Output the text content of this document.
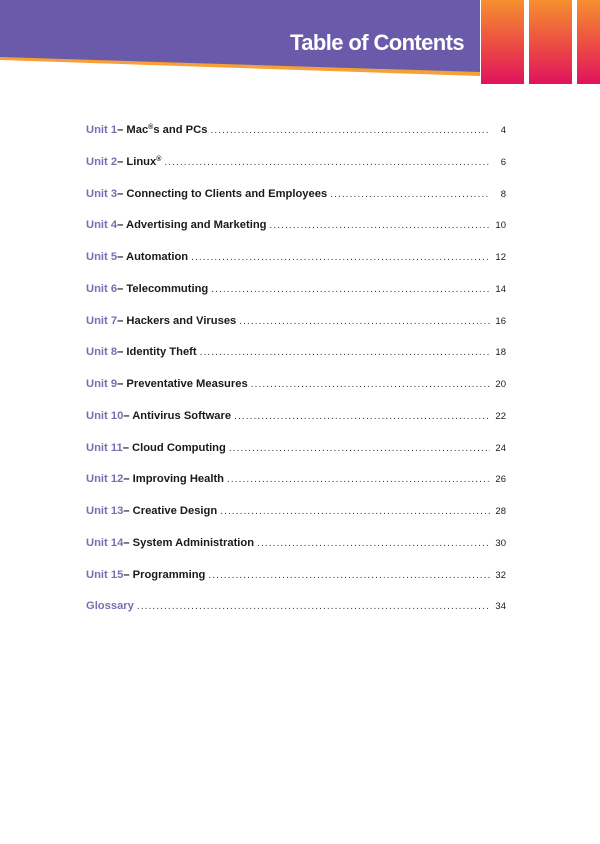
Table of Contents
Unit 1 – Mac®s and PCs .....	4
Unit 2 – Linux® .....	6
Unit 3 – Connecting to Clients and Employees .....	8
Unit 4 – Advertising and Marketing .....	10
Unit 5 – Automation .....	12
Unit 6 – Telecommuting .....	14
Unit 7 – Hackers and Viruses .....	16
Unit 8 – Identity Theft .....	18
Unit 9 – Preventative Measures .....	20
Unit 10 – Antivirus Software .....	22
Unit 11 – Cloud Computing .....	24
Unit 12 – Improving Health .....	26
Unit 13 – Creative Design .....	28
Unit 14 – System Administration .....	30
Unit 15 – Programming .....	32
Glossary .....	34
